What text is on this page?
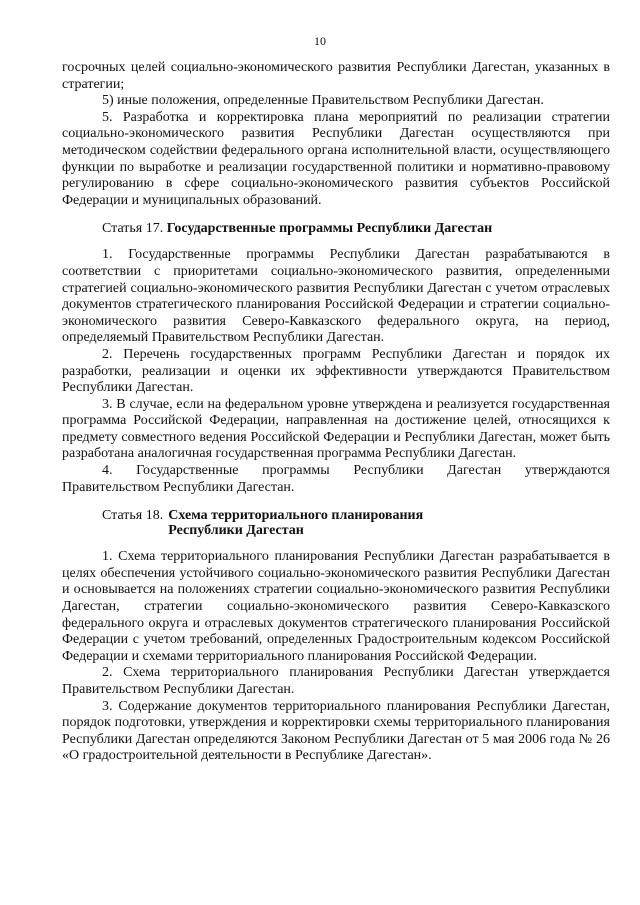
10

госрочных целей социально-экономического развития Республики Дагестан, указанных в стратегии;

5) иные положения, определенные Правительством Республики Дагестан.

5. Разработка и корректировка плана мероприятий по реализации стратегии социально-экономического развития Республики Дагестан осуществляются при методическом содействии федерального органа исполнительной власти, осуществляющего функции по выработке и реализации государственной политики и нормативно-правовому регулированию в сфере социально-экономического развития субъектов Российской Федерации и муниципальных образований.

Статья 17. Государственные программы Республики Дагестан

1. Государственные программы Республики Дагестан разрабатываются в соответствии с приоритетами социально-экономического развития, определенными стратегией социально-экономического развития Республики Дагестан с учетом отраслевых документов стратегического планирования Российской Федерации и стратегии социально-экономического развития Северо-Кавказского федерального округа, на период, определяемый Правительством Республики Дагестан.

2. Перечень государственных программ Республики Дагестан и порядок их разработки, реализации и оценки их эффективности утверждаются Правительством Республики Дагестан.

3. В случае, если на федеральном уровне утверждена и реализуется государственная программа Российской Федерации, направленная на достижение целей, относящихся к предмету совместного ведения Российской Федерации и Республики Дагестан, может быть разработана аналогичная государственная программа Республики Дагестан.

4. Государственные программы Республики Дагестан утверждаются Правительством Республики Дагестан.

Статья 18. Схема территориального планирования
Республики Дагестан

1. Схема территориального планирования Республики Дагестан разрабатывается в целях обеспечения устойчивого социально-экономического развития Республики Дагестан и основывается на положениях стратегии социально-экономического развития Республики Дагестан, стратегии социально-экономического развития Северо-Кавказского федерального округа и отраслевых документов стратегического планирования Российской Федерации с учетом требований, определенных Градостроительным кодексом Российской Федерации и схемами территориального планирования Российской Федерации.

2. Схема территориального планирования Республики Дагестан утверждается Правительством Республики Дагестан.

3. Содержание документов территориального планирования Республики Дагестан, порядок подготовки, утверждения и корректировки схемы территориального планирования Республики Дагестан определяются Законом Республики Дагестан от 5 мая 2006 года № 26 «О градостроительной деятельности в Республике Дагестан».
